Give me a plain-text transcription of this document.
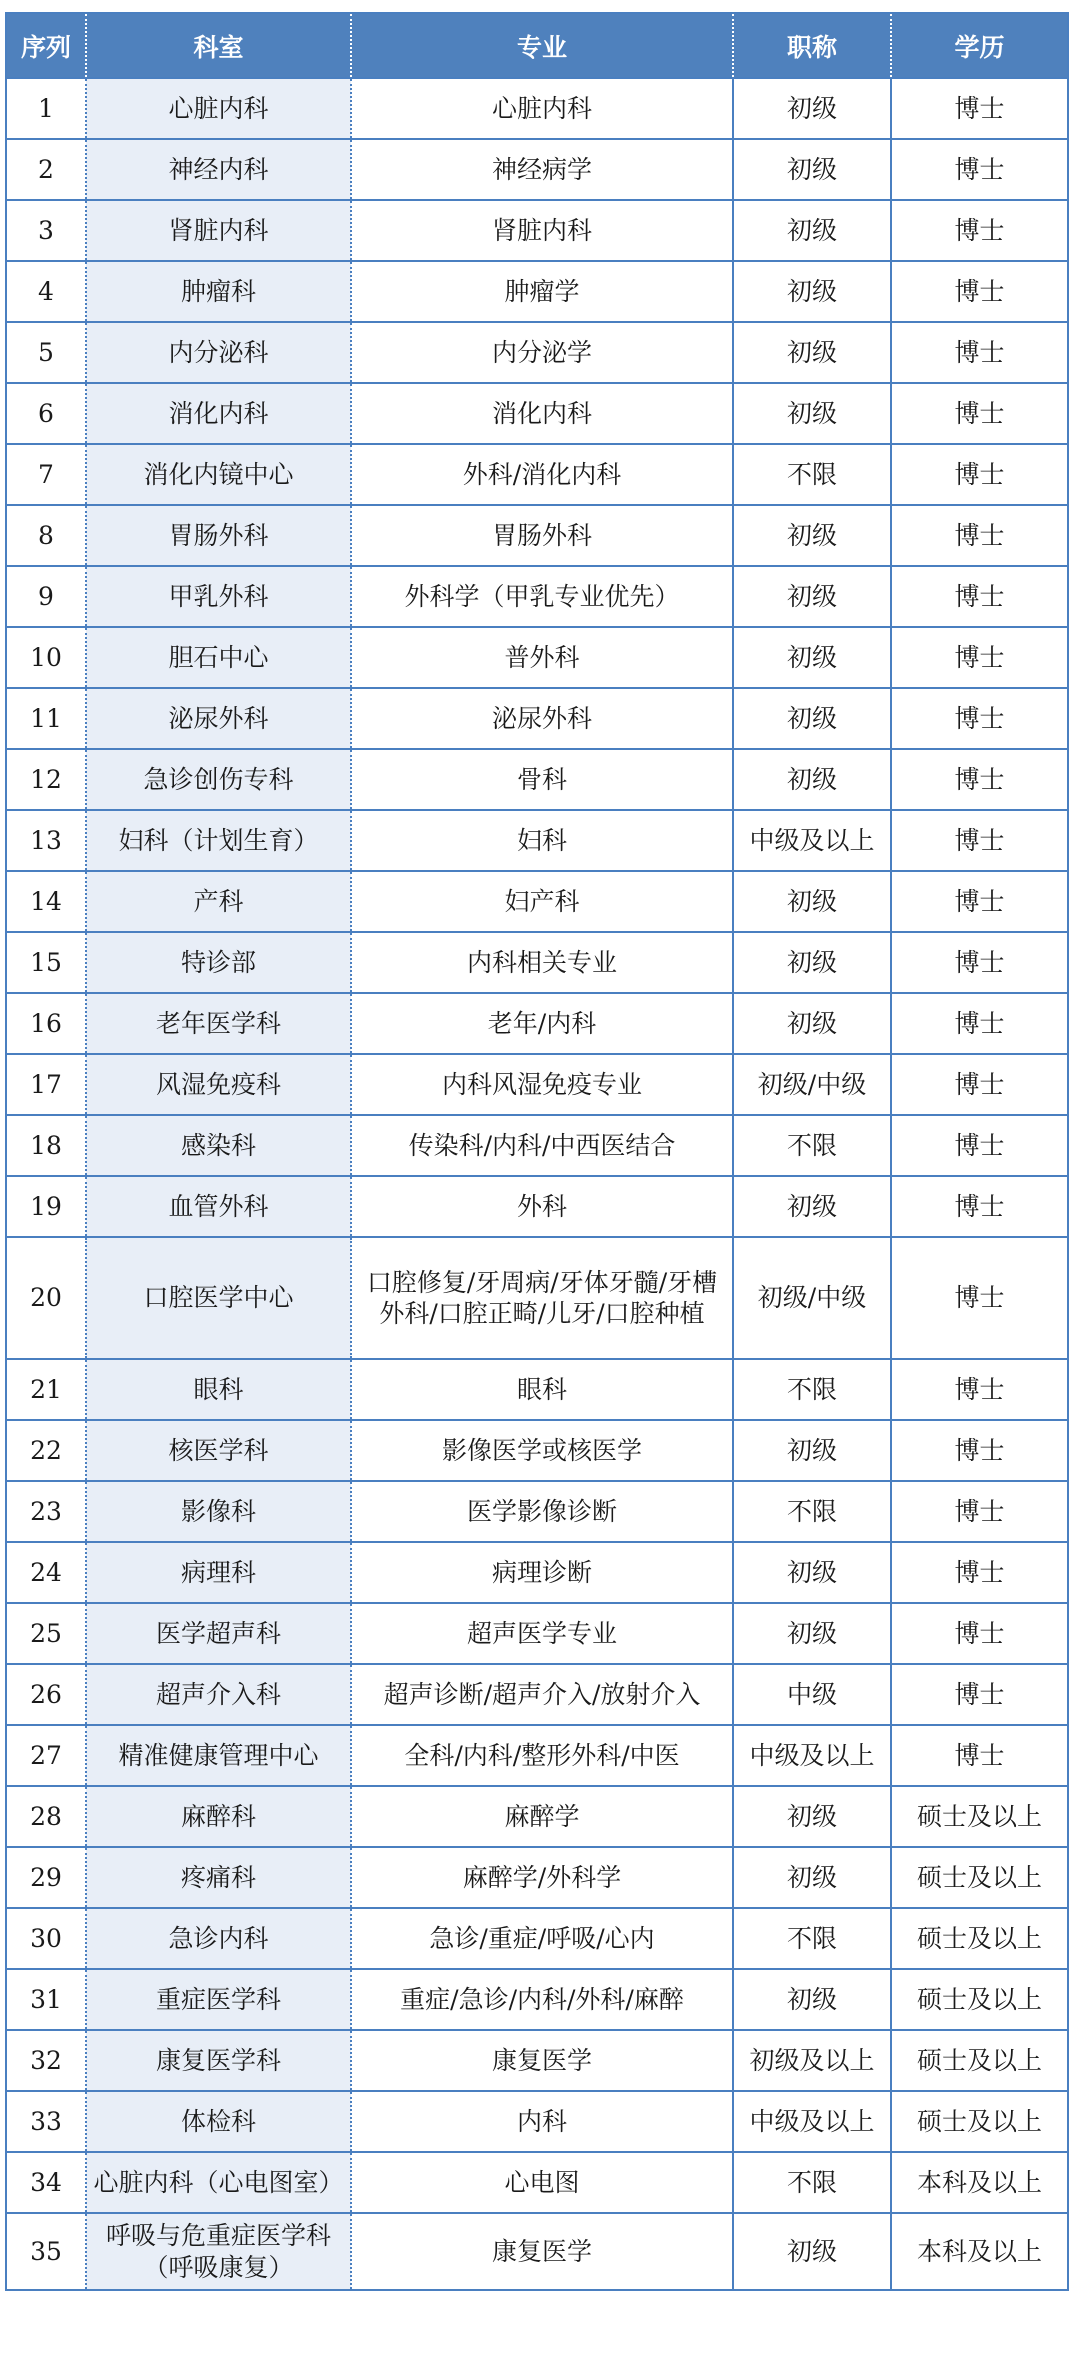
序列	科室	专业	职称	学历
1	心脏内科	心脏内科	初级	博士
2	神经内科	神经病学	初级	博士
3	肾脏内科	肾脏内科	初级	博士
4	肿瘤科	肿瘤学	初级	博士
5	内分泌科	内分泌学	初级	博士
6	消化内科	消化内科	初级	博士
7	消化内镜中心	外科/消化内科	不限	博士
8	胃肠外科	胃肠外科	初级	博士
9	甲乳外科	外科学（甲乳专业优先）	初级	博士
10	胆石中心	普外科	初级	博士
11	泌尿外科	泌尿外科	初级	博士
12	急诊创伤专科	骨科	初级	博士
13	妇科（计划生育）	妇科	中级及以上	博士
14	产科	妇产科	初级	博士
15	特诊部	内科相关专业	初级	博士
16	老年医学科	老年/内科	初级	博士
17	风湿免疫科	内科风湿免疫专业	初级/中级	博士
18	感染科	传染科/内科/中西医结合	不限	博士
19	血管外科	外科	初级	博士
20	口腔医学中心	口腔修复/牙周病/牙体牙髓/牙槽外科/口腔正畸/儿牙/口腔种植	初级/中级	博士
21	眼科	眼科	不限	博士
22	核医学科	影像医学或核医学	初级	博士
23	影像科	医学影像诊断	不限	博士
24	病理科	病理诊断	初级	博士
25	医学超声科	超声医学专业	初级	博士
26	超声介入科	超声诊断/超声介入/放射介入	中级	博士
27	精准健康管理中心	全科/内科/整形外科/中医	中级及以上	博士
28	麻醉科	麻醉学	初级	硕士及以上
29	疼痛科	麻醉学/外科学	初级	硕士及以上
30	急诊内科	急诊/重症/呼吸/心内	不限	硕士及以上
31	重症医学科	重症/急诊/内科/外科/麻醉	初级	硕士及以上
32	康复医学科	康复医学	初级及以上	硕士及以上
33	体检科	内科	中级及以上	硕士及以上
34	心脏内科（心电图室）	心电图	不限	本科及以上
35	呼吸与危重症医学科（呼吸康复）	康复医学	初级	本科及以上
